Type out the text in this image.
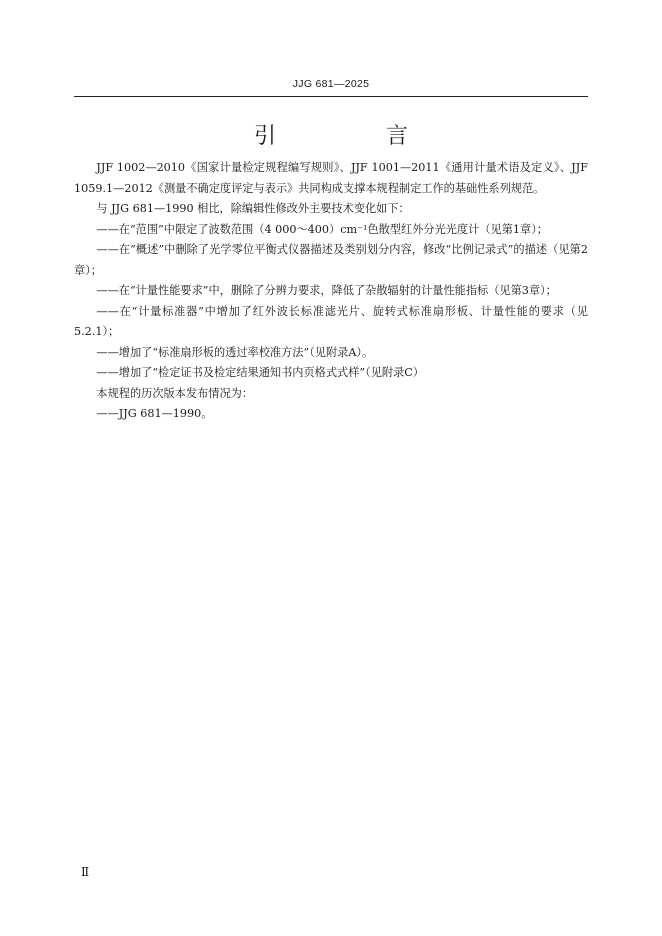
JJG 681—2025
引　言

JJF 1002—2010《国家计量检定规程编写规则》、JJF 1001—2011《通用计量术语及定义》、JJF 1059.1—2012《测量不确定度评定与表示》共同构成支撑本规程制定工作的基础性系列规范。

与 JJG 681—1990 相比，除编辑性修改外主要技术变化如下：

——在“范围”中限定了波数范围（4 000～400）cm⁻¹色散型红外分光光度计（见第1章）；

——在“概述”中删除了光学零位平衡式仪器描述及类别划分内容，修改“比例记录式”的描述（见第2章）；

——在“计量性能要求”中，删除了分辨力要求，降低了杂散辐射的计量性能指标（见第3章）；

——在“计量标准器”中增加了红外波长标准滤光片、旋转式标准扇形板、计量性能的要求（见5.2.1）；

——增加了“标准扇形板的透过率校准方法”（见附录A）。

——增加了“检定证书及检定结果通知书内页格式式样”（见附录C）

本规程的历次版本发布情况为：

——JJG 681—1990。

Ⅱ
